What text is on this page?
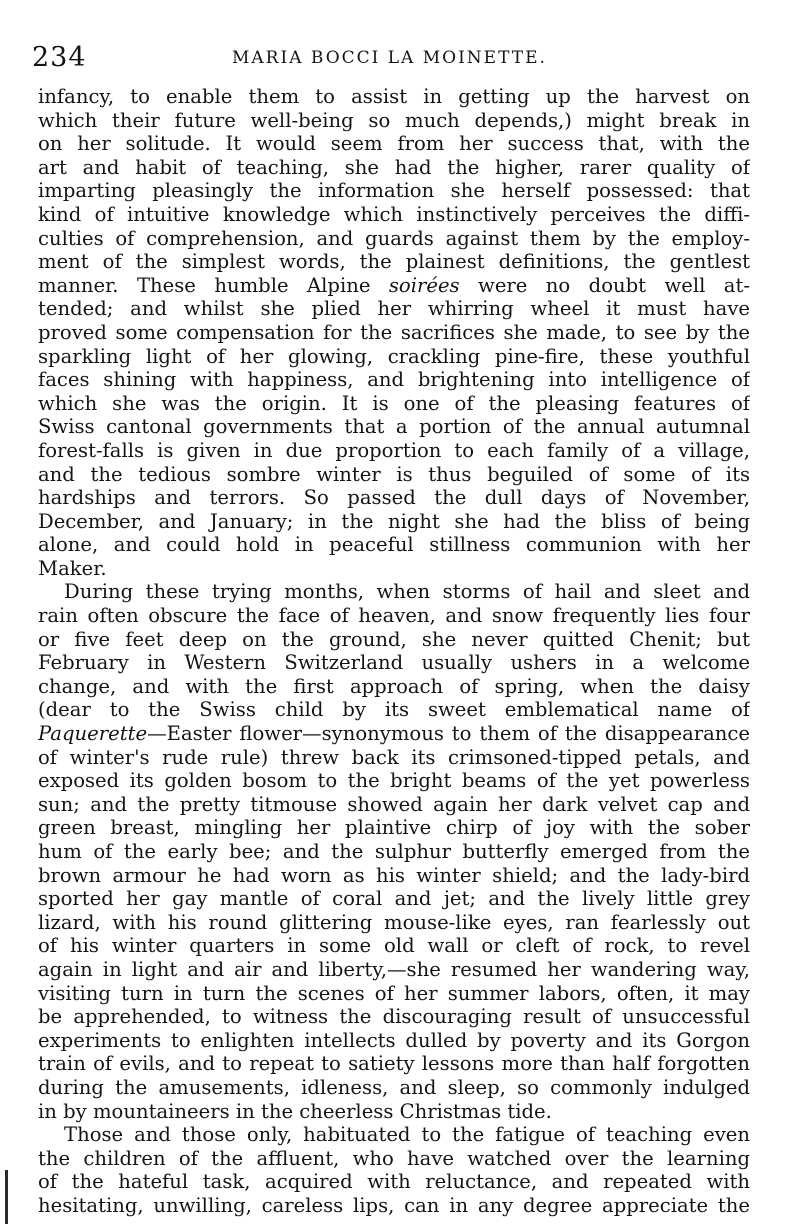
234	MARIA BOCCI LA MOINETTE.
infancy, to enable them to assist in getting up the harvest on
which their future well-being so much depends,) might break in
on her solitude. It would seem from her success that, with the
art and habit of teaching, she had the higher, rarer quality of
imparting pleasingly the information she herself possessed: that
kind of intuitive knowledge which instinctively perceives the diffi-
culties of comprehension, and guards against them by the employ-
ment of the simplest words, the plainest definitions, the gentlest
manner. These humble Alpine soirées were no doubt well at-
tended; and whilst she plied her whirring wheel it must have
proved some compensation for the sacrifices she made, to see by the
sparkling light of her glowing, crackling pine-fire, these youthful
faces shining with happiness, and brightening into intelligence of
which she was the origin. It is one of the pleasing features of
Swiss cantonal governments that a portion of the annual autumnal
forest-falls is given in due proportion to each family of a village,
and the tedious sombre winter is thus beguiled of some of its
hardships and terrors. So passed the dull days of November,
December, and January; in the night she had the bliss of being
alone, and could hold in peaceful stillness communion with her
Maker.
During these trying months, when storms of hail and sleet and
rain often obscure the face of heaven, and snow frequently lies four
or five feet deep on the ground, she never quitted Chenit; but
February in Western Switzerland usually ushers in a welcome
change, and with the first approach of spring, when the daisy
(dear to the Swiss child by its sweet emblematical name of
Paquerette—Easter flower—synonymous to them of the disappearance
of winter's rude rule) threw back its crimsoned-tipped petals, and
exposed its golden bosom to the bright beams of the yet powerless
sun; and the pretty titmouse showed again her dark velvet cap and
green breast, mingling her plaintive chirp of joy with the sober
hum of the early bee; and the sulphur butterfly emerged from the
brown armour he had worn as his winter shield; and the lady-bird
sported her gay mantle of coral and jet; and the lively little grey
lizard, with his round glittering mouse-like eyes, ran fearlessly out
of his winter quarters in some old wall or cleft of rock, to revel
again in light and air and liberty,—she resumed her wandering way,
visiting turn in turn the scenes of her summer labors, often, it may
be apprehended, to witness the discouraging result of unsuccessful
experiments to enlighten intellects dulled by poverty and its Gorgon
train of evils, and to repeat to satiety lessons more than half forgotten
during the amusements, idleness, and sleep, so commonly indulged
in by mountaineers in the cheerless Christmas tide.
Those and those only, habituated to the fatigue of teaching even
the children of the affluent, who have watched over the learning
of the hateful task, acquired with reluctance, and repeated with
hesitating, unwilling, careless lips, can in any degree appreciate the
